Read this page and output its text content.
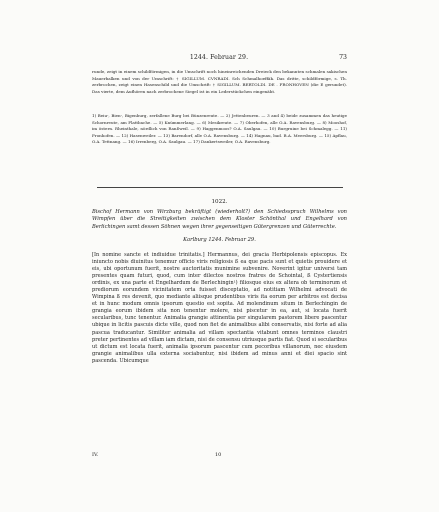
1244. Februar 29.	73
runde, zeigt in einem schildförmigen, in die Umschrift noch hineinreichenden Dreieck den bekannten schmalen sakischen Mauerbalken und von der Umschrift: † SIGILLUM. CVNRADI. Sch Schmalhoeffäk. Das dritte, schildförmige, s. Th. zerbrochen, zeigt einen Hasenschild und die Umschrift: † SIGILLUM. BERTOLDI. DE . FRONHOVEN (die E gerundet). Das vierte, dem Aufhören nach zerbrochene Siegel ist in ein Lederstückchen eingenäht.

1) Beiu-, Bien-, Bigenburg, zerfallene Burg bei Bünzenreute. — 2) Jettenbeuren. — 3 and 4) beide zusammen das heutige Schornreute, am Flattbache. — 5) Knümmerlang. — 6) Mesikreute. — 7) Oberhofen, alle O.A. Ravensburg. — 8) Mooshof, im östern. Rheinthale, nördlich von Ranßweil. — 9) Haggenmoos? O.A. Saulgau. — 10) Burgruine bei Schmalegg. — 11) Fronhofen. — 12) Hasenweiler. — 13) Barendorf, alle O.A. Ravensburg. — 14) Hagnau, bad. B.A. Meersburg. — 15) Apflau, O.A. Tettnang. — 16) Irrenberg, O.A. Saulgau. — 17) Dankertsweiler, O.A. Ravensburg.

1022.
Bischof Hermann von Wirzburg bekräftigt (wiederholt?) den Schiedsspruch Wilhelms von Wimpfen über die Streitigkeiten zwischen dem Kloster Schönthal und Engelhard von Berlichingen samt dessen Söhnen wegen ihrer gegenseitigen Gütergrenzen und Güterrechte.
Karlburg 1244. Februar 29.

[In nomine sancte et indiuidue trinitatis.] Hermannus, dei gracia Herbipolensis episcopus. Ex iniuncto nobis diuinitus tenemur officio viris religiosis ß ea que pacis sunt et quietis prouidere et eis, ubi oportunum fuerit, nostre auctoritatis munimine subvenire. Noverint igitur universi tam presentes quam futuri, quod, cum inter dilectos nostros fratres de Schointal, ß Cystertiensis ordinis, ex una parte et Engelhardum de Berlechingin¹) filiosque eius ex altera ob terminorum et prediorum eorundem vicinitatem orta fuisset disceptatio, ad notitiam Wilhelmi advocati de Wimpina ß res devenit, quo mediante aliisque prudentibus viris ita eorum per arbitros est decisa et in hunc modum omnis ipsorum questio est sopita. Ad molendinum situm in Berlechingin de grangia eorum ibidem sita non tenentur molere, nisi piscetur in ea, aut, si locata fuerit secularibus, tunc tenentur. Animalia grangie attinentia per singularem pastorem libere pascentur ubique in licitis pascuis dicte ville, quod non fiet de animalibus alibi conservatis, nisi forte ad alia pascua traducantur. Similiter animalia ad villam spectantia vitabunt omnes terminos claustri preter pertinentes ad villam iam dictam, nisi de consensu utriusque partis fiat. Quod si secularibus ut dictum est locata fuerit, animalia ipsorum pascentur cum pecoribus villanorum, nec eiusdem grangie animalibus ulla externa sociabuntur, nisi ibidem ad minus anni et diei spacio sint pascenda. Ubicumque

IV.	10
